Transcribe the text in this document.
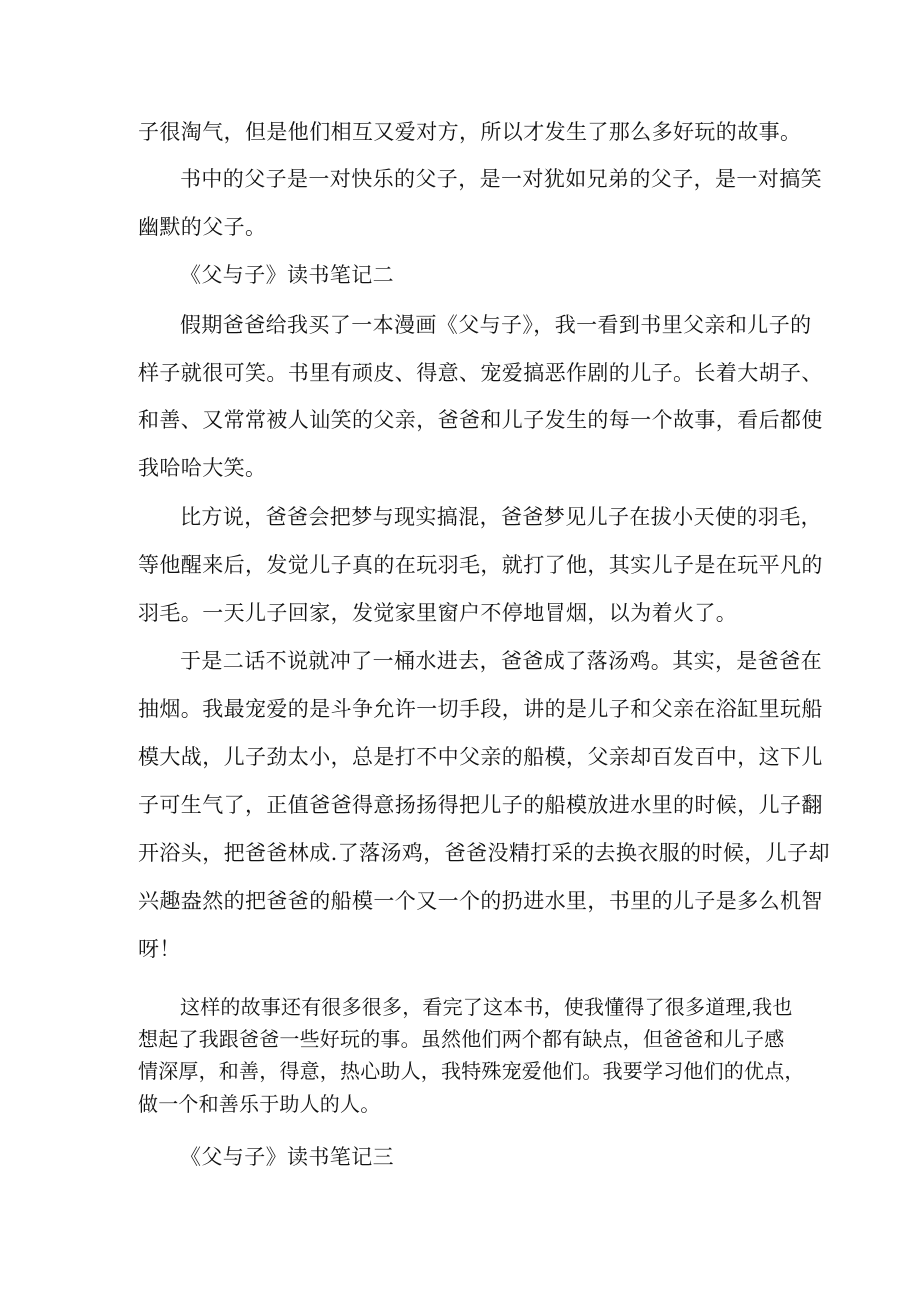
子很淘气，但是他们相互又爱对方，所以才发生了那么多好玩的故事。
书中的父子是一对快乐的父子，是一对犹如兄弟的父子，是一对搞笑
幽默的父子。
《父与子》读书笔记二
假期爸爸给我买了一本漫画《父与子》，我一看到书里父亲和儿子的
样子就很可笑。书里有顽皮、得意、宠爱搞恶作剧的儿子。长着大胡子、
和善、又常常被人讪笑的父亲，爸爸和儿子发生的每一个故事，看后都使
我哈哈大笑。
比方说，爸爸会把梦与现实搞混，爸爸梦见儿子在拔小天使的羽毛，
等他醒来后，发觉儿子真的在玩羽毛，就打了他，其实儿子是在玩平凡的
羽毛。一天儿子回家，发觉家里窗户不停地冒烟，以为着火了。
于是二话不说就冲了一桶水进去，爸爸成了落汤鸡。其实，是爸爸在
抽烟。我最宠爱的是斗争允许一切手段，讲的是儿子和父亲在浴缸里玩船
模大战，儿子劲太小，总是打不中父亲的船模，父亲却百发百中，这下儿
子可生气了，正值爸爸得意扬扬得把儿子的船模放进水里的时候，儿子翻
开浴头，把爸爸林成.了落汤鸡，爸爸没精打采的去换衣服的时候，儿子却
兴趣盎然的把爸爸的船模一个又一个的扔进水里，书里的儿子是多么机智
呀！
这样的故事还有很多很多，看完了这本书，使我懂得了很多道理,我也
想起了我跟爸爸一些好玩的事。虽然他们两个都有缺点，但爸爸和儿子感
情深厚，和善，得意，热心助人，我特殊宠爱他们。我要学习他们的优点，
做一个和善乐于助人的人。
《父与子》读书笔记三
